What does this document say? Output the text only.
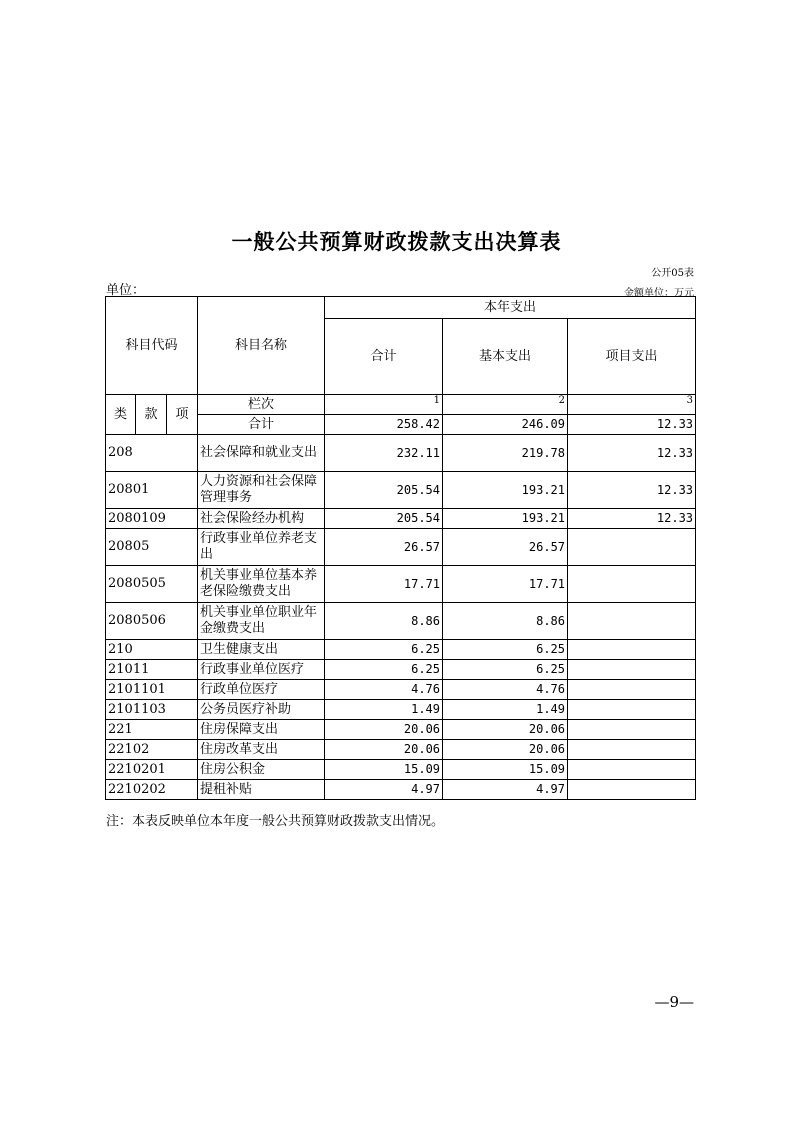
一般公共预算财政拨款支出决算表
公开05表
单位：	金额单位：万元
科目代码			科目名称	本年支出		
				合计	基本支出	项目支出
类	款	项	栏次	1	2	3
			合计	258.42	246.09	12.33
208			社会保障和就业支出	232.11	219.78	12.33
20801			人力资源和社会保障管理事务	205.54	193.21	12.33
2080109			社会保险经办机构	205.54	193.21	12.33
20805			行政事业单位养老支出	26.57	26.57	
2080505			机关事业单位基本养老保险缴费支出	17.71	17.71	
2080506			机关事业单位职业年金缴费支出	8.86	8.86	
210			卫生健康支出	6.25	6.25	
21011			行政事业单位医疗	6.25	6.25	
2101101			行政单位医疗	4.76	4.76	
2101103			公务员医疗补助	1.49	1.49	
221			住房保障支出	20.06	20.06	
22102			住房改革支出	20.06	20.06	
2210201			住房公积金	15.09	15.09	
2210202			提租补贴	4.97	4.97	
注：本表反映单位本年度一般公共预算财政拨款支出情况。
—9—
